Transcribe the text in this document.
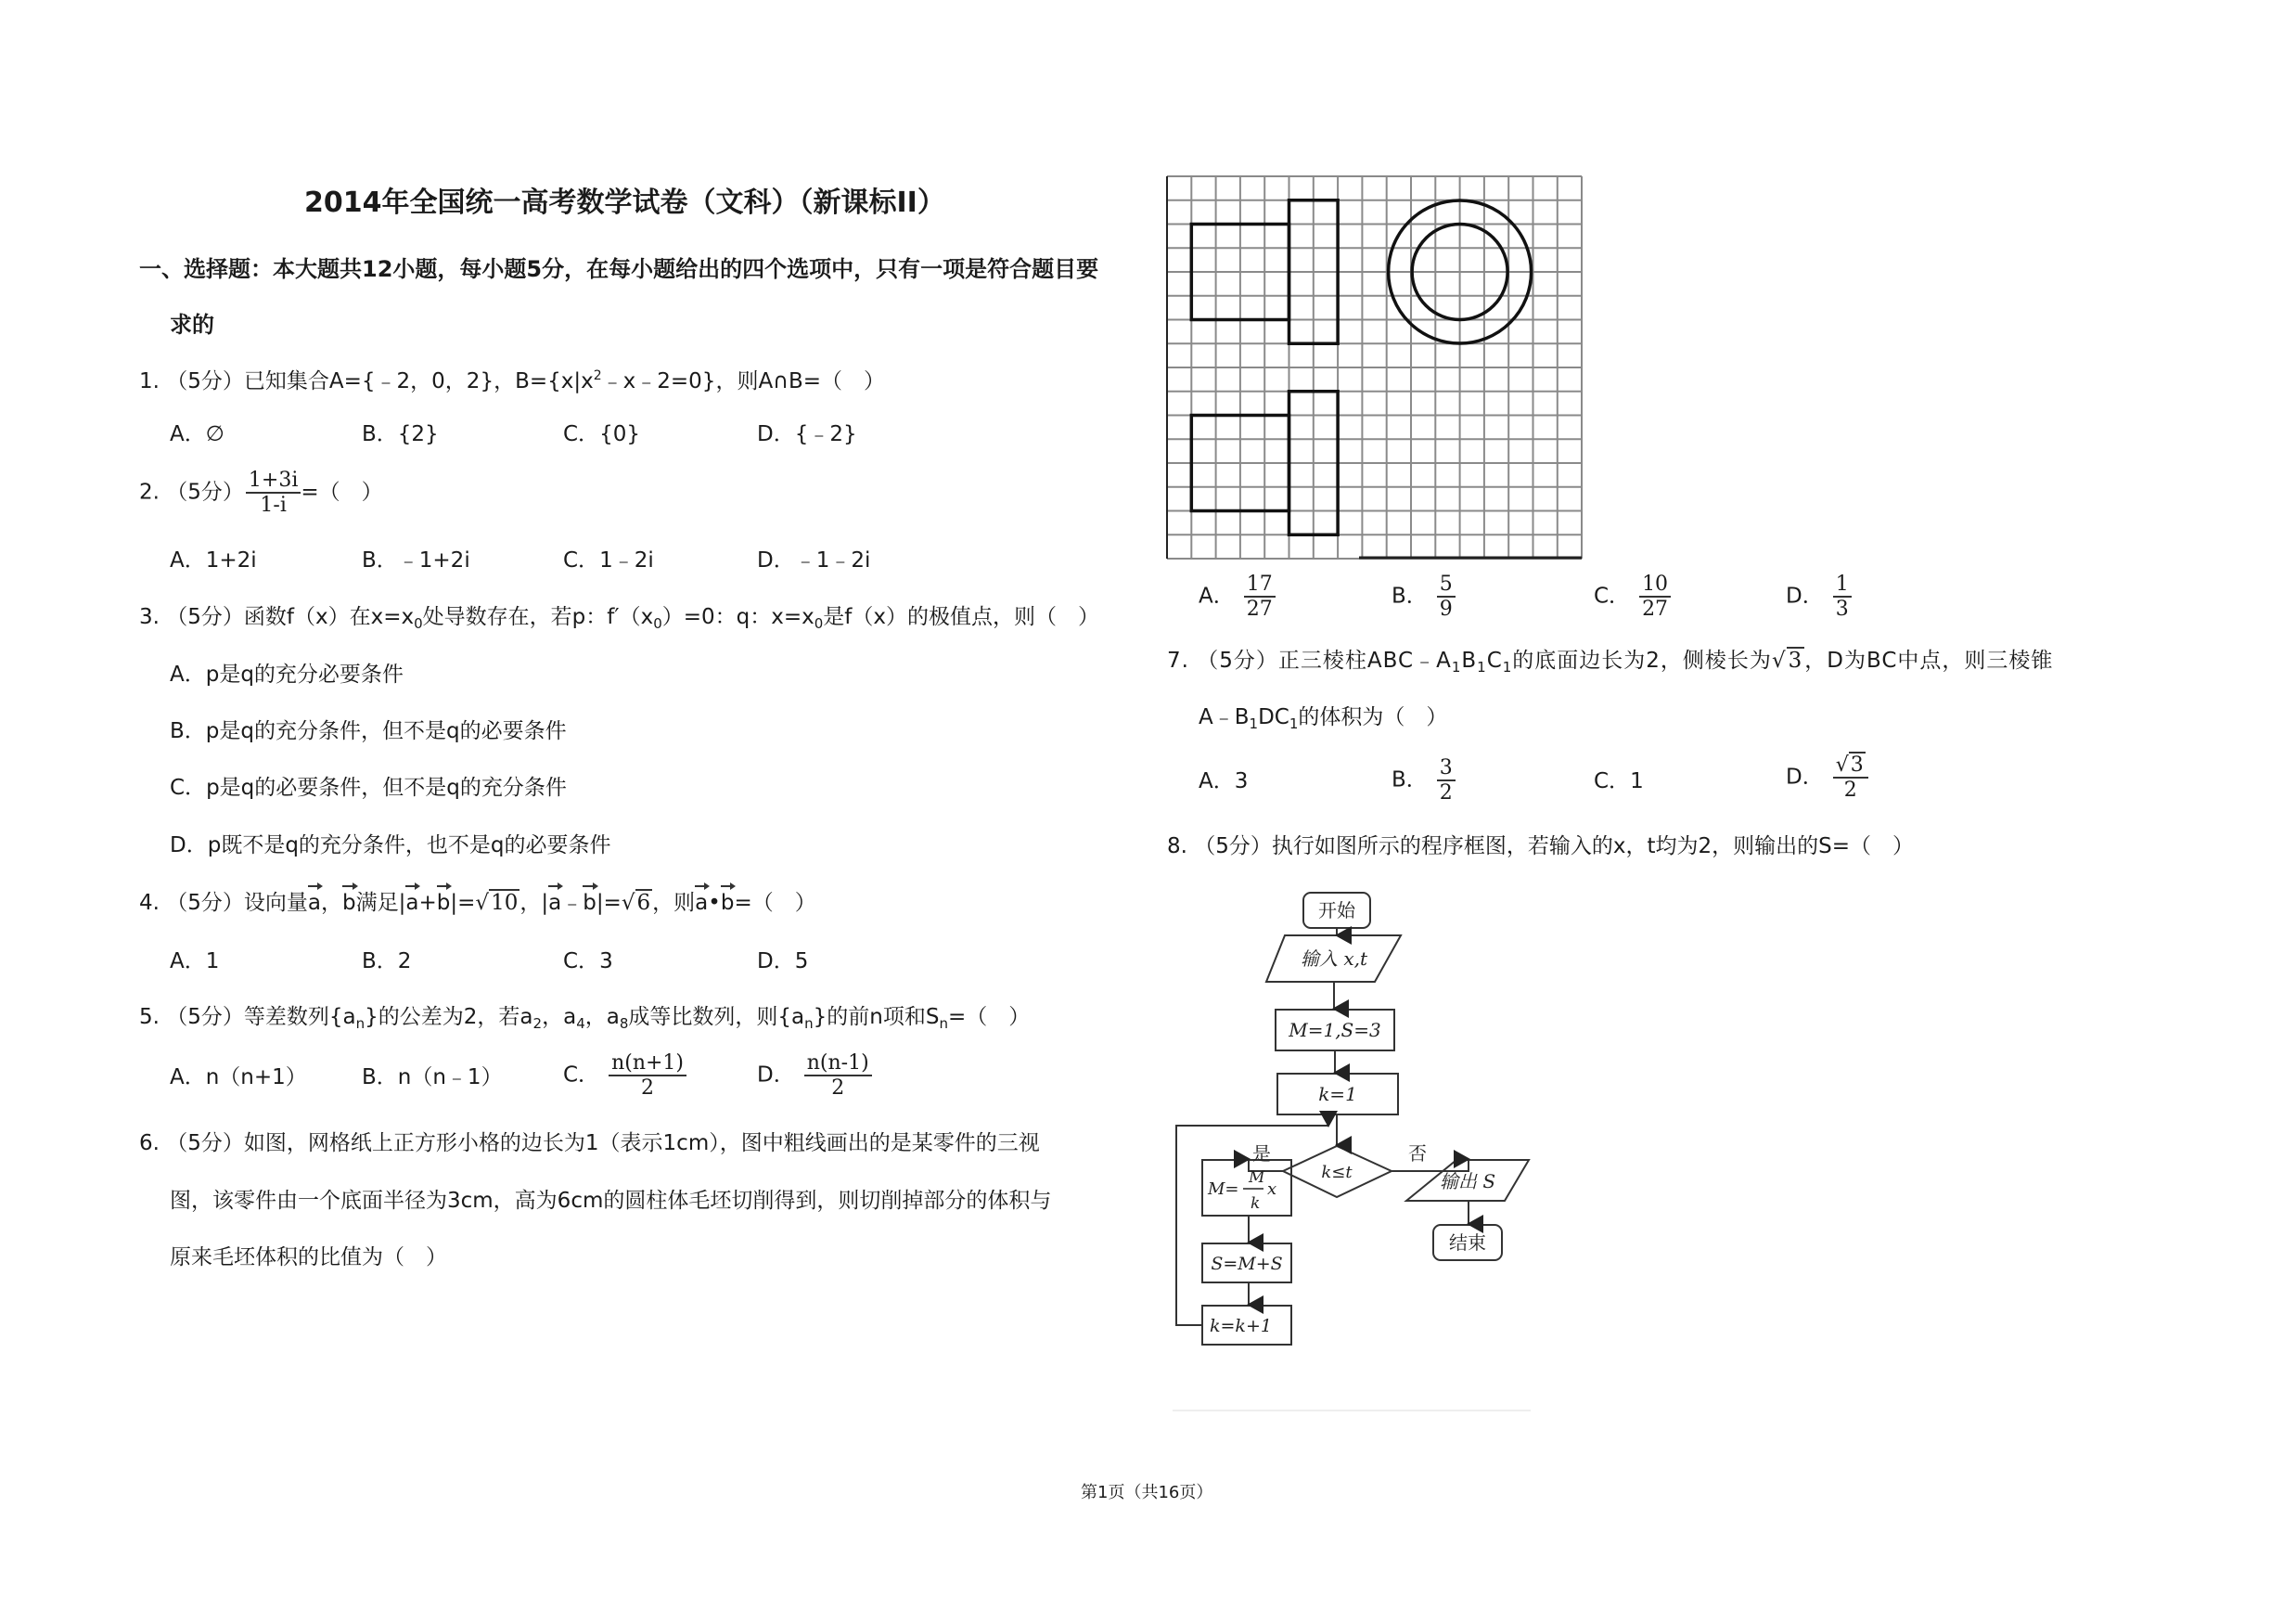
2014年全国统一高考数学试卷（文科）（新课标II）
一、选择题：本大题共12小题，每小题5分，在每小题给出的四个选项中，只有一项是符合题目要
求的
1. （5分）已知集合A={﹣2，0，2}，$B=\{x|x^2﹣x﹣2=0\}$，则A∩B=（　）
A．∅	B．{2}	C．{0}	D．{﹣2}
2. （5分） $\frac{1+3i}{1-i}$ =（　）
A．1+2i	B．﹣1+2i	C．1﹣2i	D．﹣1﹣2i
3. （5分）函数f（x）在$x=x_0$处导数存在，若p：$f'(x_0)=0$：q：$x=x_0$是f（x）的极值点，则（　）
A．p是q的充分必要条件
B．p是q的充分条件，但不是q的必要条件
C．p是q的必要条件，但不是q的充分条件
D．p既不是q的充分条件，也不是q的必要条件
4. （5分）设向量a，b满足|a+b|=√10，|a﹣b|=√6，则a•b=（　）
A．1	B．2	C．3	D．5
5. （5分）等差数列$\{a_n\}$的公差为2，若$a_2$，$a_4$，$a_8$成等比数列，则$\{a_n\}$的前n项和$S_n=$（　）
A．n（n+1）	B．n（n﹣1）	C． $\frac{n(n+1)}{2}$	D． $\frac{n(n-1)}{2}$
6. （5分）如图，网格纸上正方形小格的边长为1（表示1cm），图中粗线画出的是某零件的三视
图，该零件由一个底面半径为3cm，高为6cm的圆柱体毛坯切削得到，则切削掉部分的体积与
原来毛坯体积的比值为（　）
A． $\frac{17}{27}$	B． $\frac{5}{9}$	C． $\frac{10}{27}$	D． $\frac{1}{3}$
7. （5分）正三棱柱$ABC﹣A_1B_1C_1$的底面边长为2，侧棱长为√3，D为BC中点，则三棱锥
$A﹣B_1DC_1$的体积为（　）
A．3	B． $\frac{3}{2}$	C．1	D． $\frac{√3}{2}$
8. （5分）执行如图所示的程序框图，若输入的x，t均为2，则输出的S=（　）
开始
输入 x,t
M=1,S=3
k=1
k≤t
是	否
M=
M
k
x
S=M+S
k=k+1
输出 S
结束
第1页（共16页）
